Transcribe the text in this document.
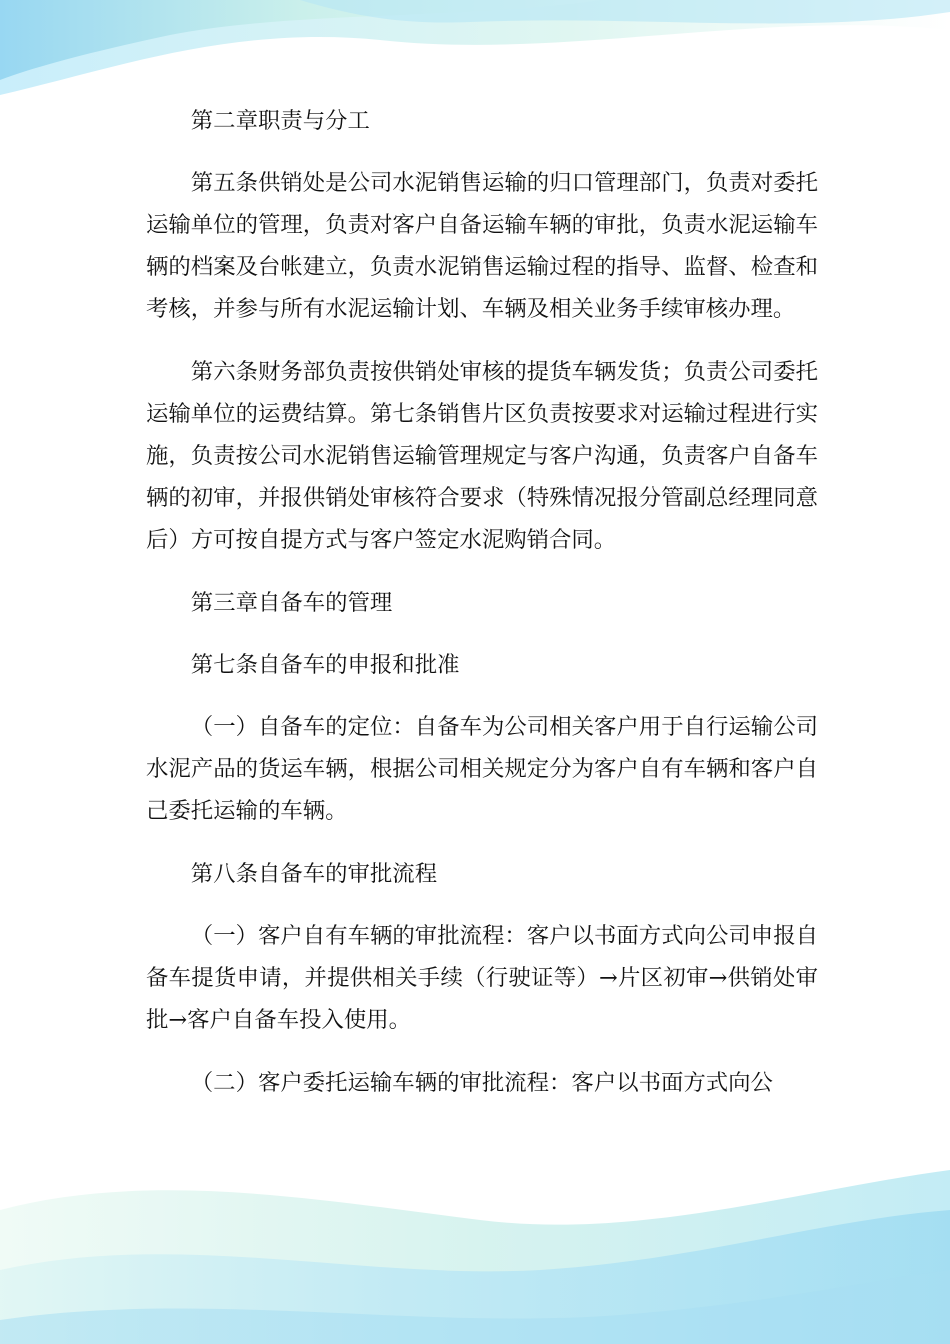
第二章职责与分工

第五条供销处是公司水泥销售运输的归口管理部门，负责对委托运输单位的管理，负责对客户自备运输车辆的审批，负责水泥运输车辆的档案及台帐建立，负责水泥销售运输过程的指导、监督、检查和考核，并参与所有水泥运输计划、车辆及相关业务手续审核办理。

第六条财务部负责按供销处审核的提货车辆发货；负责公司委托运输单位的运费结算。第七条销售片区负责按要求对运输过程进行实施，负责按公司水泥销售运输管理规定与客户沟通，负责客户自备车辆的初审，并报供销处审核符合要求（特殊情况报分管副总经理同意后）方可按自提方式与客户签定水泥购销合同。

第三章自备车的管理

第七条自备车的申报和批准

（一）自备车的定位：自备车为公司相关客户用于自行运输公司水泥产品的货运车辆，根据公司相关规定分为客户自有车辆和客户自己委托运输的车辆。

第八条自备车的审批流程

（一）客户自有车辆的审批流程：客户以书面方式向公司申报自备车提货申请，并提供相关手续（行驶证等）→片区初审→供销处审批→客户自备车投入使用。

（二）客户委托运输车辆的审批流程：客户以书面方式向公
